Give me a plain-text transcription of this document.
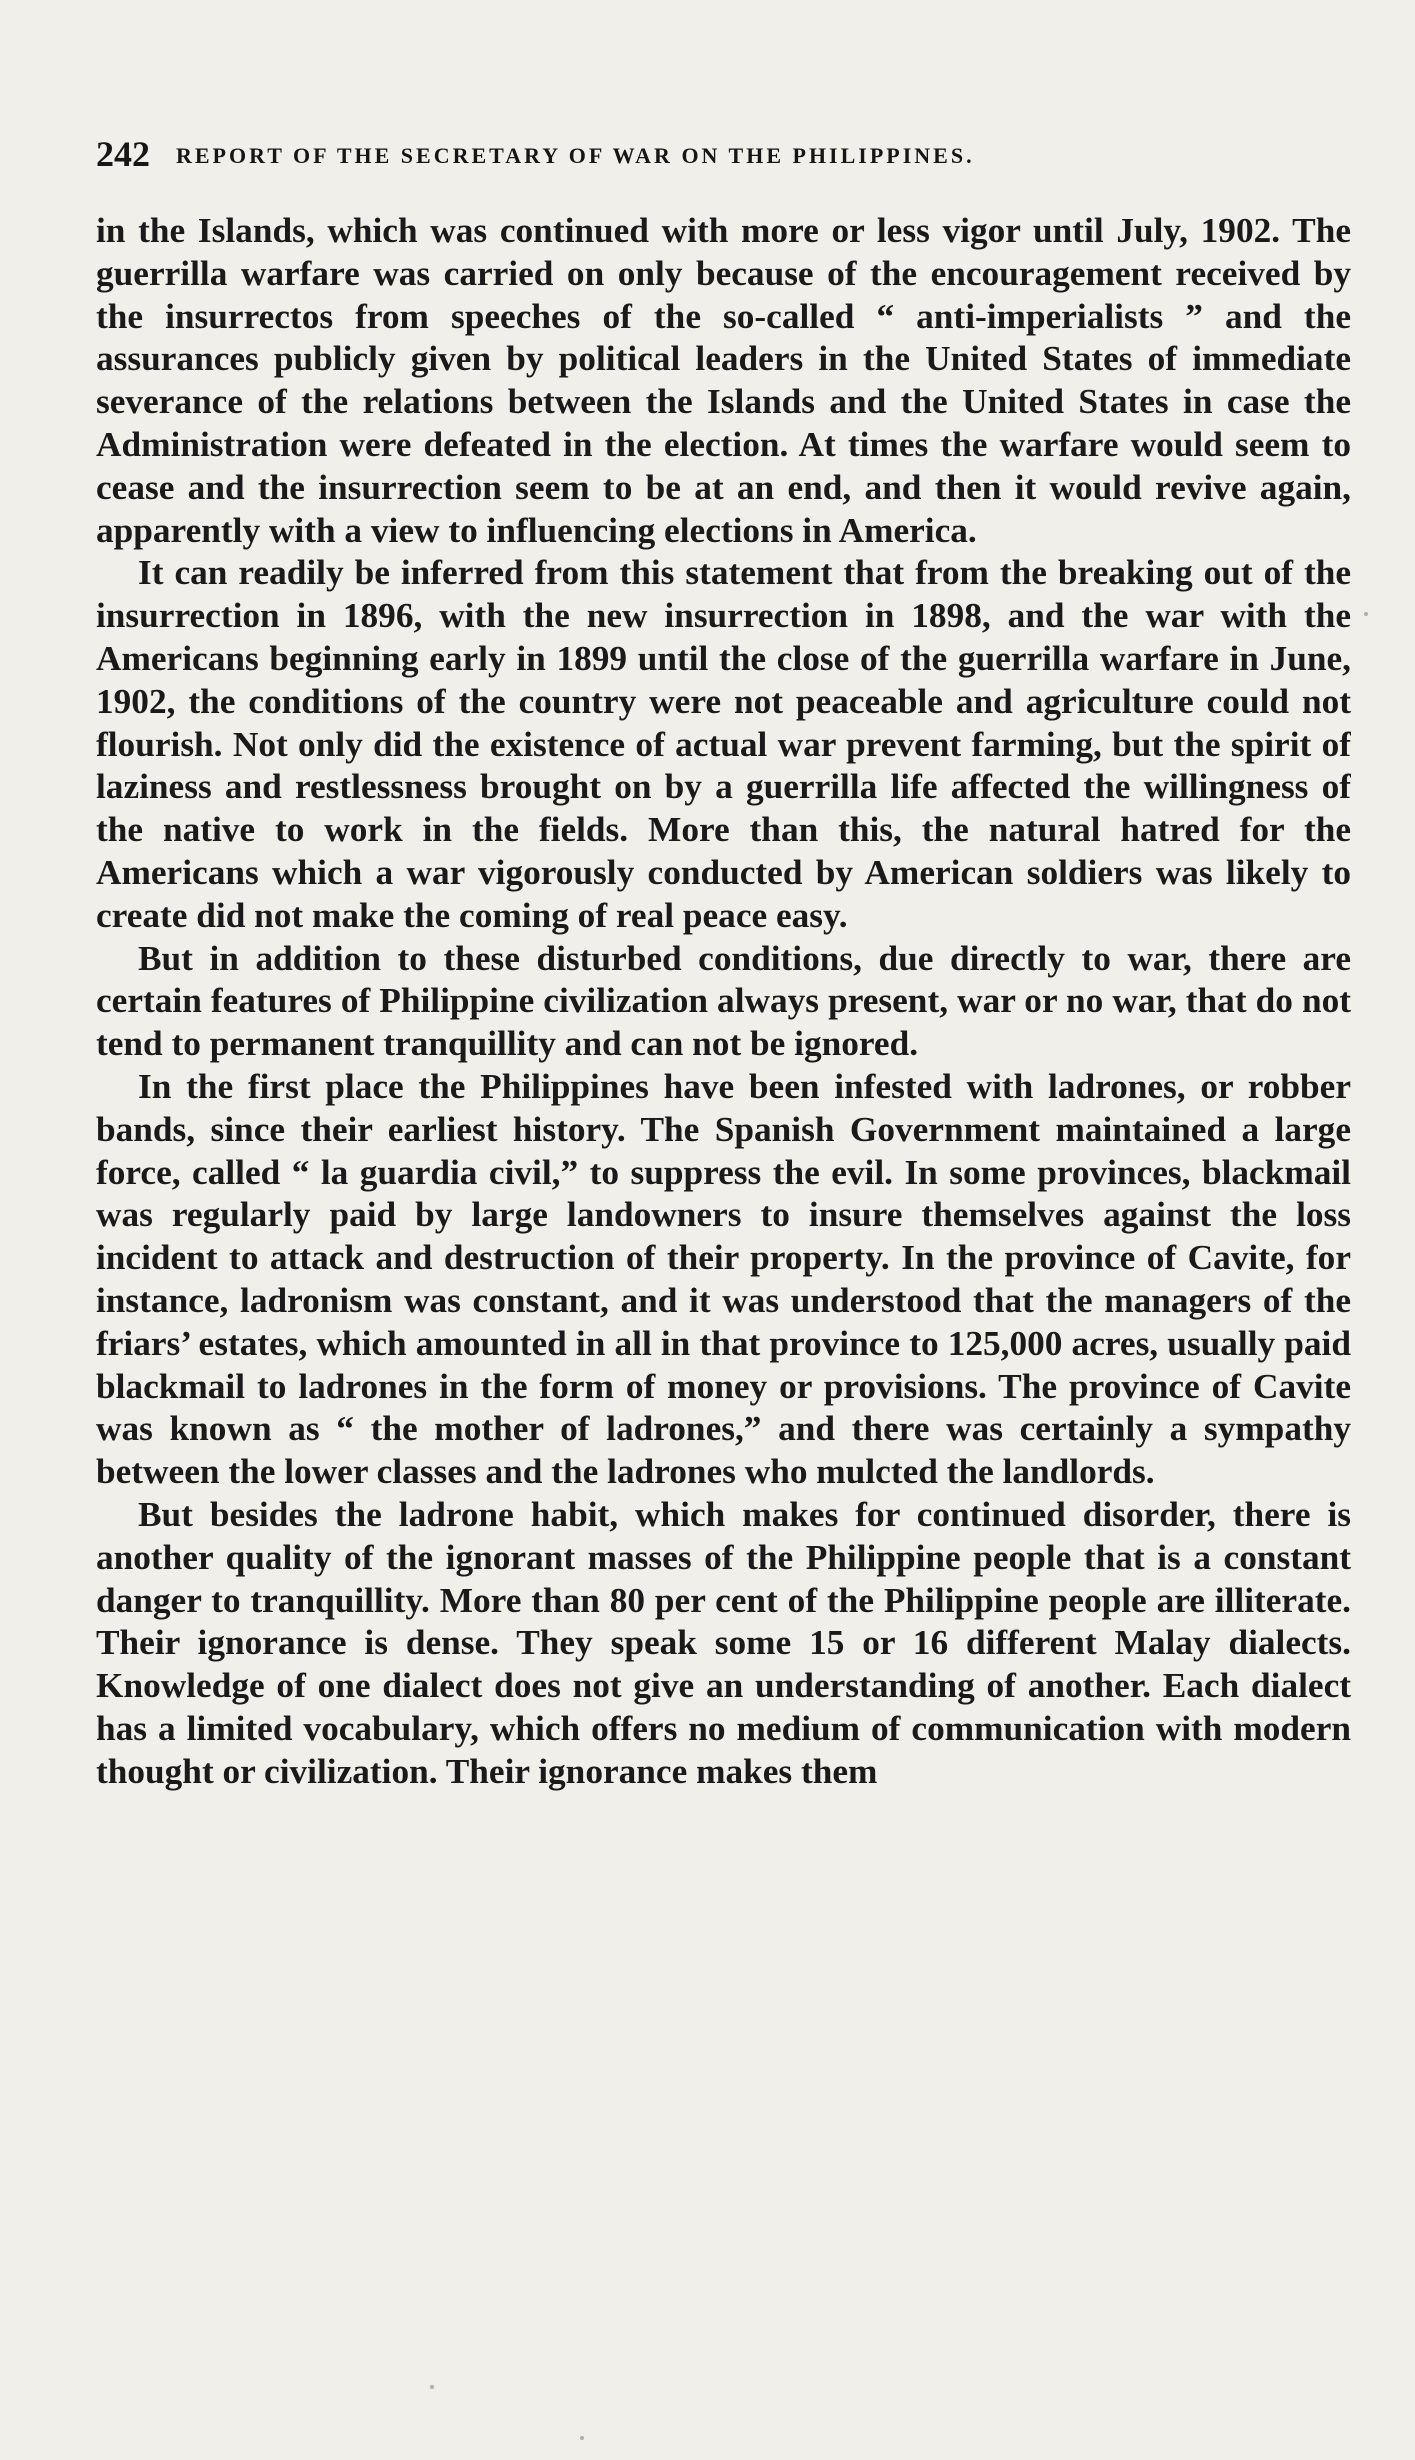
242 REPORT OF THE SECRETARY OF WAR ON THE PHILIPPINES.

in the Islands, which was continued with more or less vigor until July, 1902. The guerrilla warfare was carried on only because of the encouragement received by the insurrectos from speeches of the so-called “ anti-imperialists ” and the assurances publicly given by political leaders in the United States of immediate severance of the relations between the Islands and the United States in case the Administration were defeated in the election. At times the warfare would seem to cease and the insurrection seem to be at an end, and then it would revive again, apparently with a view to influencing elections in America.

It can readily be inferred from this statement that from the breaking out of the insurrection in 1896, with the new insurrection in 1898, and the war with the Americans beginning early in 1899 until the close of the guerrilla warfare in June, 1902, the conditions of the country were not peaceable and agriculture could not flourish. Not only did the existence of actual war prevent farming, but the spirit of laziness and restlessness brought on by a guerrilla life affected the willingness of the native to work in the fields. More than this, the natural hatred for the Americans which a war vigorously conducted by American soldiers was likely to create did not make the coming of real peace easy.

But in addition to these disturbed conditions, due directly to war, there are certain features of Philippine civilization always present, war or no war, that do not tend to permanent tranquillity and can not be ignored.

In the first place the Philippines have been infested with ladrones, or robber bands, since their earliest history. The Spanish Government maintained a large force, called “ la guardia civil,” to suppress the evil. In some provinces, blackmail was regularly paid by large landowners to insure themselves against the loss incident to attack and destruction of their property. In the province of Cavite, for instance, ladronism was constant, and it was understood that the managers of the friars’ estates, which amounted in all in that province to 125,000 acres, usually paid blackmail to ladrones in the form of money or provisions. The province of Cavite was known as “ the mother of ladrones,” and there was certainly a sympathy between the lower classes and the ladrones who mulcted the landlords.

But besides the ladrone habit, which makes for continued disorder, there is another quality of the ignorant masses of the Philippine people that is a constant danger to tranquillity. More than 80 per cent of the Philippine people are illiterate. Their ignorance is dense. They speak some 15 or 16 different Malay dialects. Knowledge of one dialect does not give an understanding of another. Each dialect has a limited vocabulary, which offers no medium of communication with modern thought or civilization. Their ignorance makes them
